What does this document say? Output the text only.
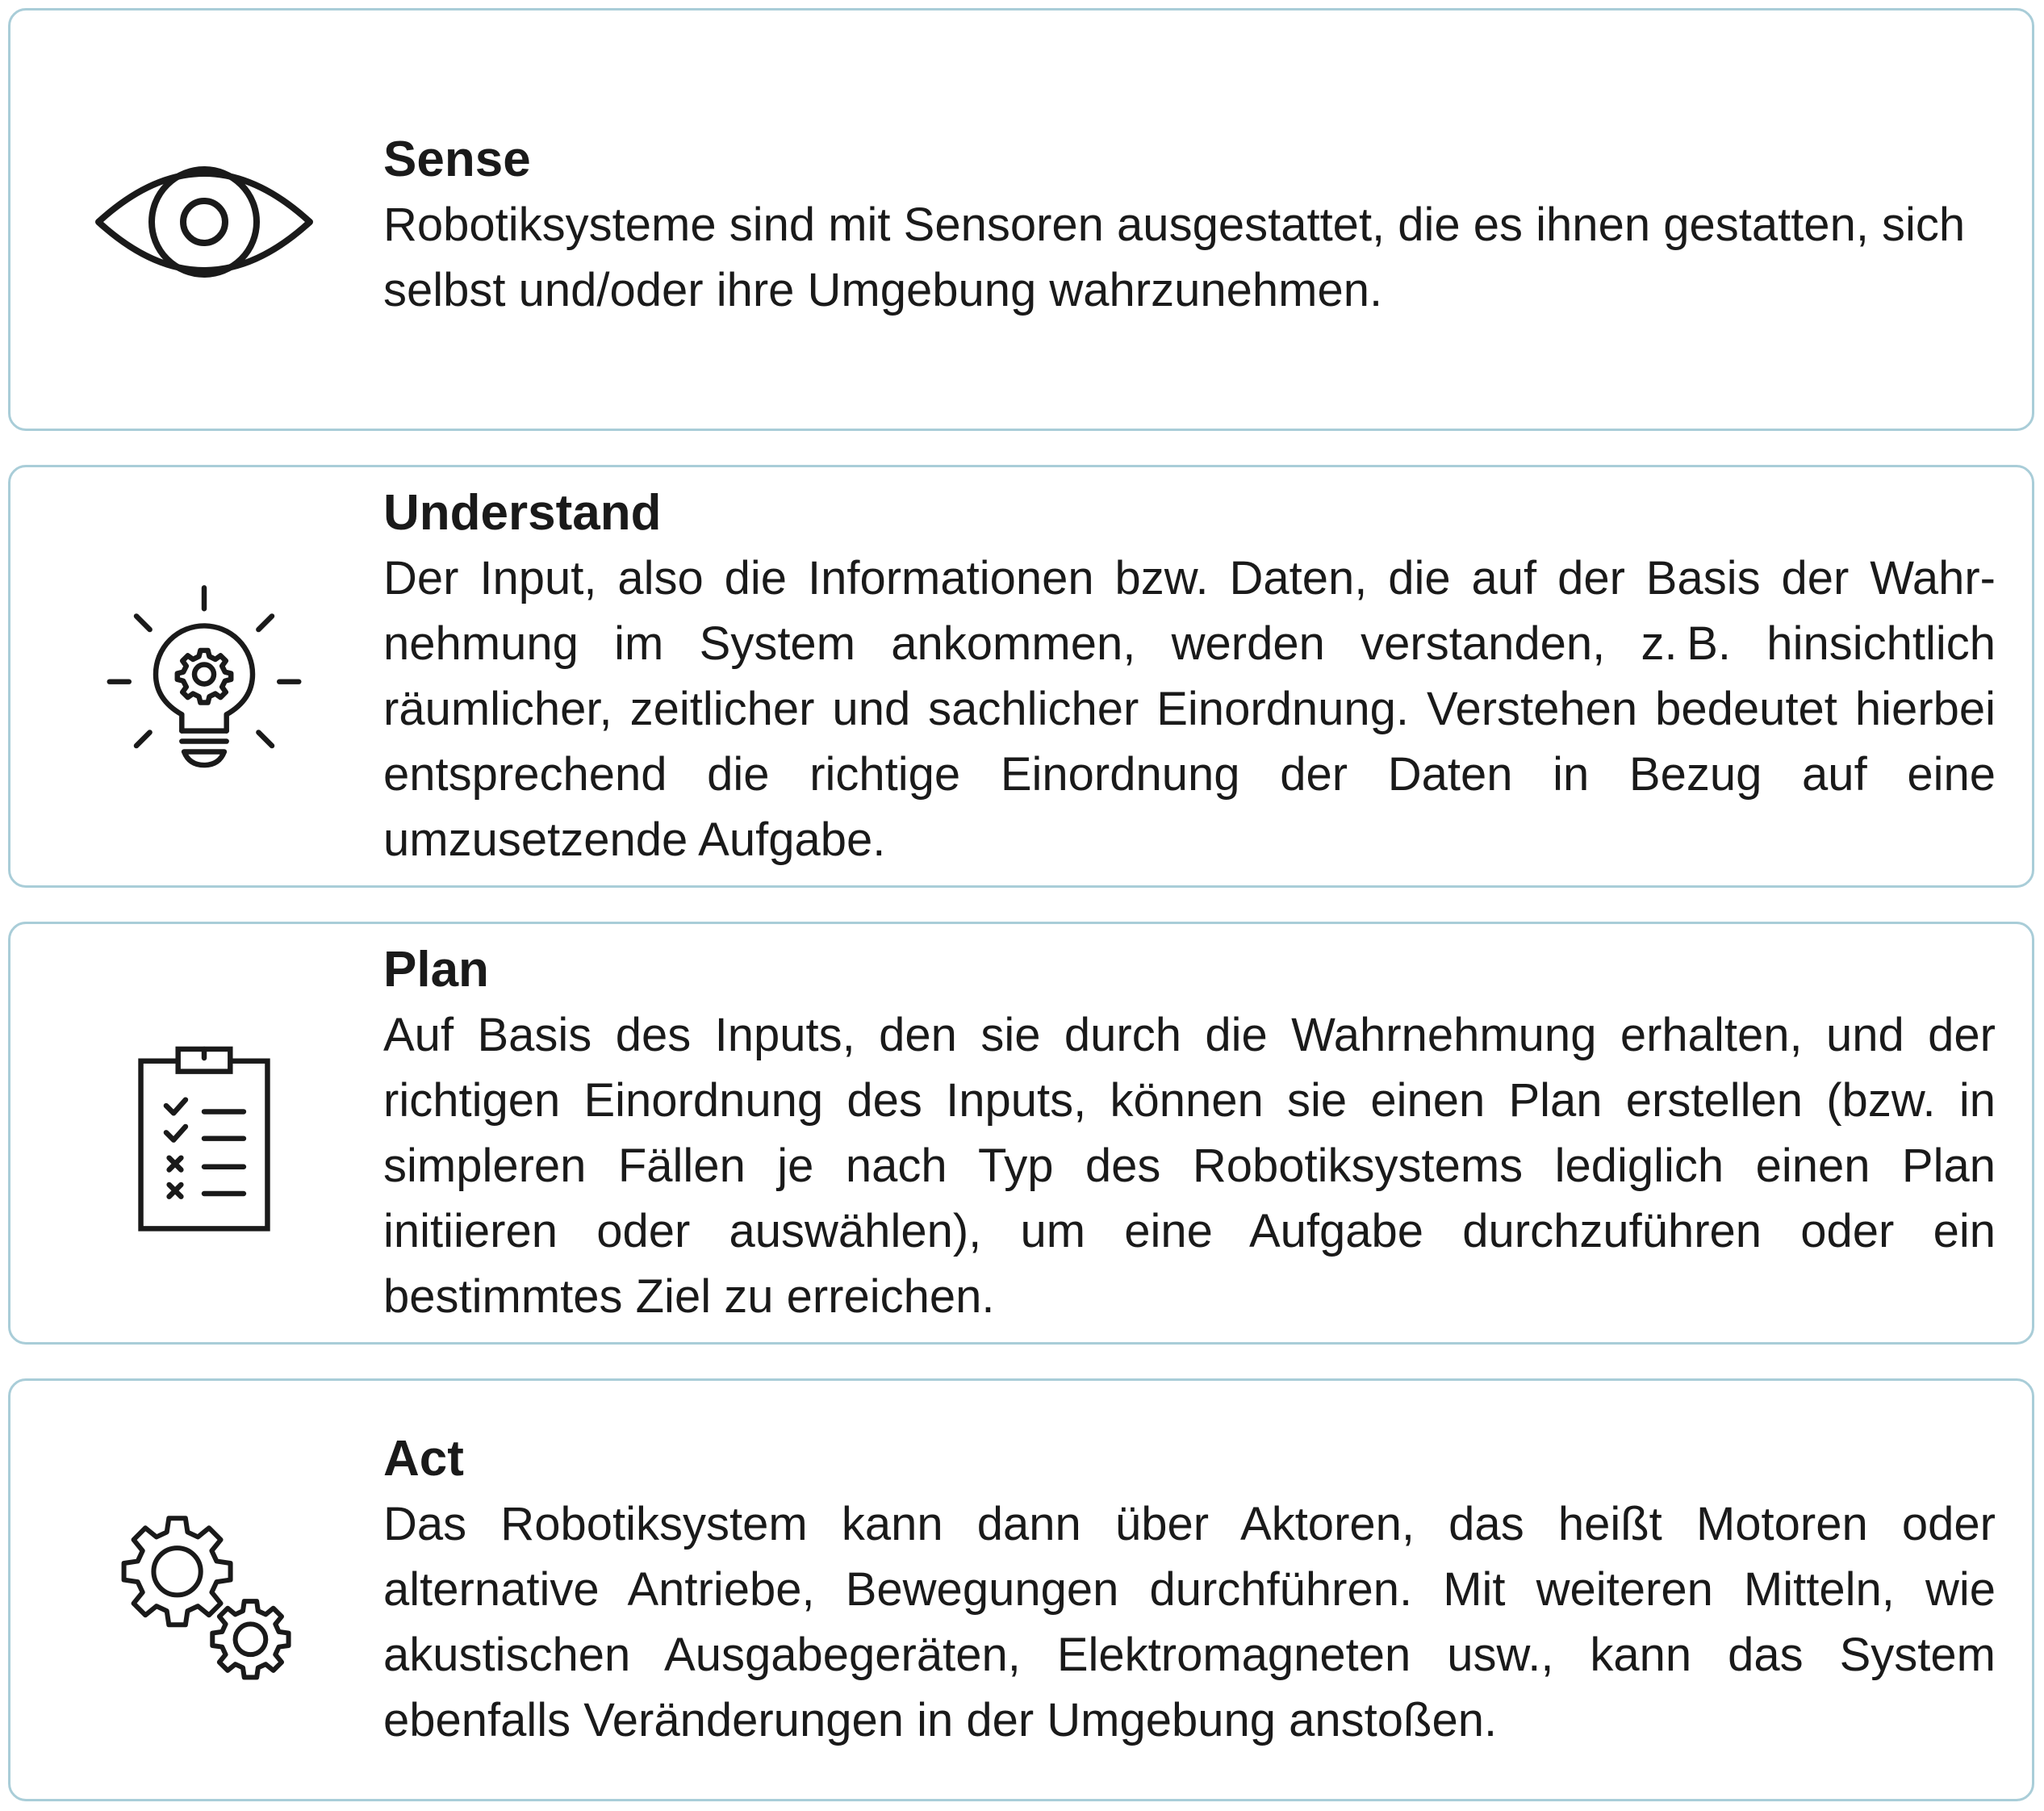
Sense

Robotiksysteme sind mit Sensoren ausgestattet, die es ihnen gestatten, sich selbst und/oder ihre Umgebung wahrzunehmen.

Understand

Der Input, also die Informationen bzw. Daten, die auf der Basis der Wahrnehmung im System ankommen, werden verstanden, z. B. hinsichtlich räumlicher, zeitlicher und sachlicher Einordnung. Verstehen bedeutet hierbei entsprechend die richtige Einordnung der Daten in Bezug auf eine umzusetzende Aufgabe.

Plan

Auf Basis des Inputs, den sie durch die Wahrnehmung erhalten, und der richtigen Einordnung des Inputs, können sie einen Plan erstellen (bzw. in simpleren Fällen je nach Typ des Robotiksystems lediglich einen Plan initiieren oder auswählen), um eine Aufgabe durchzuführen oder ein bestimmtes Ziel zu erreichen.

Act

Das Robotiksystem kann dann über Aktoren, das heißt Motoren oder alternative Antriebe, Bewegungen durchführen. Mit weiteren Mitteln, wie akustischen Ausgabegeräten, Elektromagneten usw., kann das System ebenfalls Veränderungen in der Umgebung anstoßen.
